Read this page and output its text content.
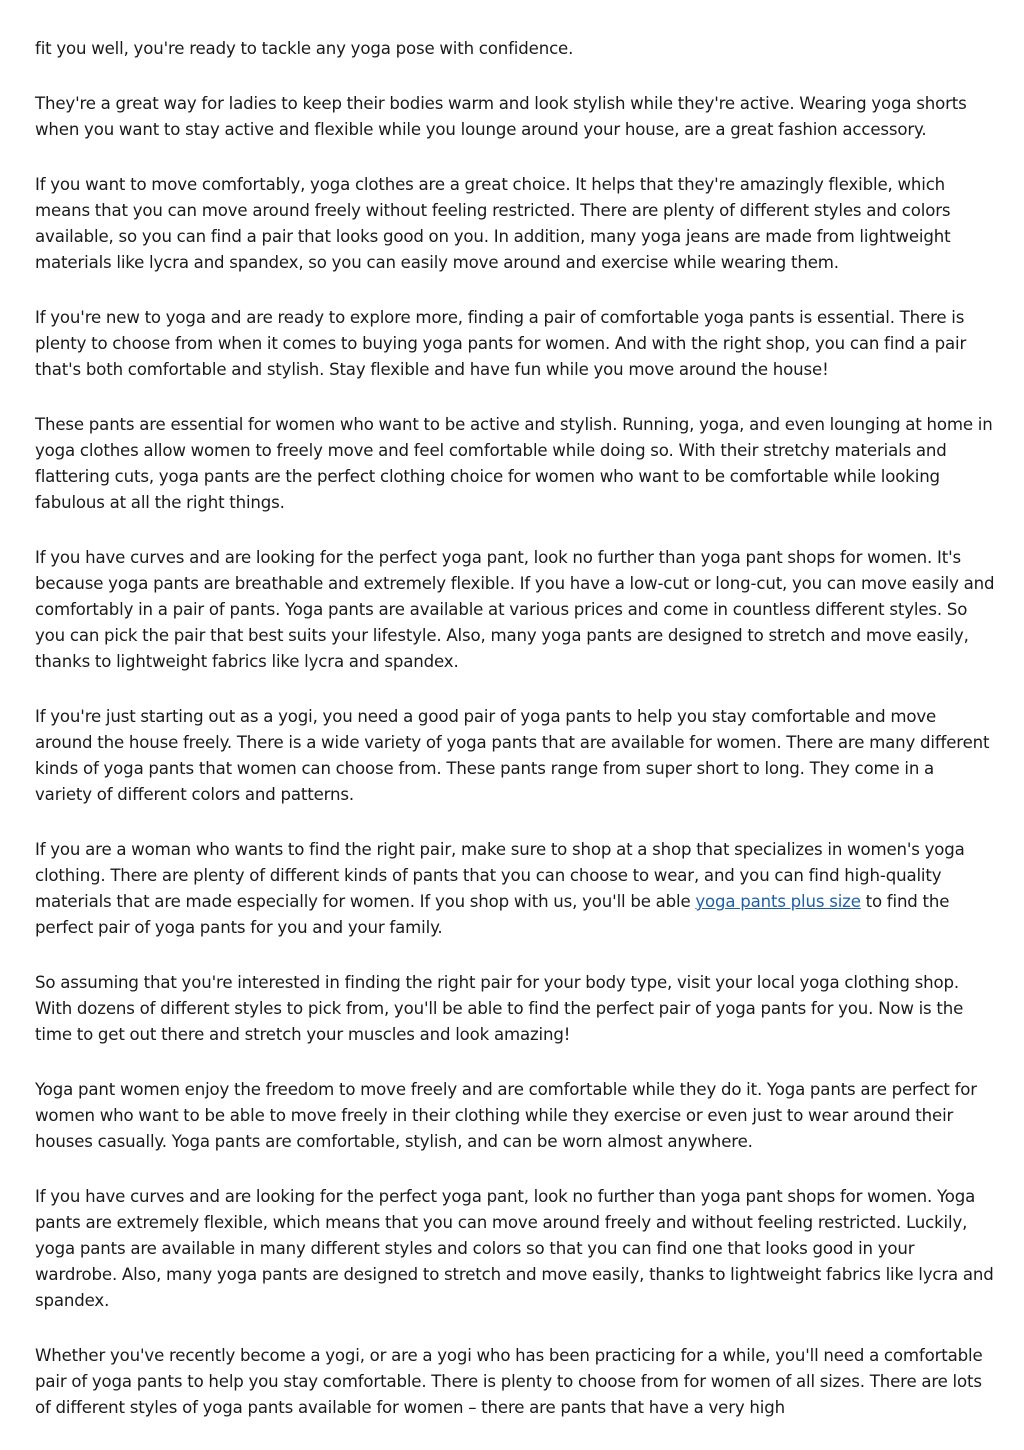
fit you well, you're ready to tackle any yoga pose with confidence.

They're a great way for ladies to keep their bodies warm and look stylish while they're active. Wearing yoga shorts when you want to stay active and flexible while you lounge around your house, are a great fashion accessory.

If you want to move comfortably, yoga clothes are a great choice. It helps that they're amazingly flexible, which means that you can move around freely without feeling restricted. There are plenty of different styles and colors available, so you can find a pair that looks good on you. In addition, many yoga jeans are made from lightweight materials like lycra and spandex, so you can easily move around and exercise while wearing them.

If you're new to yoga and are ready to explore more, finding a pair of comfortable yoga pants is essential. There is plenty to choose from when it comes to buying yoga pants for women. And with the right shop, you can find a pair that's both comfortable and stylish. Stay flexible and have fun while you move around the house!

These pants are essential for women who want to be active and stylish. Running, yoga, and even lounging at home in yoga clothes allow women to freely move and feel comfortable while doing so. With their stretchy materials and flattering cuts, yoga pants are the perfect clothing choice for women who want to be comfortable while looking fabulous at all the right things.

If you have curves and are looking for the perfect yoga pant, look no further than yoga pant shops for women. It's because yoga pants are breathable and extremely flexible. If you have a low-cut or long-cut, you can move easily and comfortably in a pair of pants. Yoga pants are available at various prices and come in countless different styles. So you can pick the pair that best suits your lifestyle. Also, many yoga pants are designed to stretch and move easily, thanks to lightweight fabrics like lycra and spandex.

If you're just starting out as a yogi, you need a good pair of yoga pants to help you stay comfortable and move around the house freely. There is a wide variety of yoga pants that are available for women. There are many different kinds of yoga pants that women can choose from. These pants range from super short to long. They come in a variety of different colors and patterns.

If you are a woman who wants to find the right pair, make sure to shop at a shop that specializes in women's yoga clothing. There are plenty of different kinds of pants that you can choose to wear, and you can find high-quality materials that are made especially for women. If you shop with us, you'll be able yoga pants plus size to find the perfect pair of yoga pants for you and your family.

So assuming that you're interested in finding the right pair for your body type, visit your local yoga clothing shop. With dozens of different styles to pick from, you'll be able to find the perfect pair of yoga pants for you. Now is the time to get out there and stretch your muscles and look amazing!

Yoga pant women enjoy the freedom to move freely and are comfortable while they do it. Yoga pants are perfect for women who want to be able to move freely in their clothing while they exercise or even just to wear around their houses casually. Yoga pants are comfortable, stylish, and can be worn almost anywhere.

If you have curves and are looking for the perfect yoga pant, look no further than yoga pant shops for women. Yoga pants are extremely flexible, which means that you can move around freely and without feeling restricted. Luckily, yoga pants are available in many different styles and colors so that you can find one that looks good in your wardrobe. Also, many yoga pants are designed to stretch and move easily, thanks to lightweight fabrics like lycra and spandex.

Whether you've recently become a yogi, or are a yogi who has been practicing for a while, you'll need a comfortable pair of yoga pants to help you stay comfortable. There is plenty to choose from for women of all sizes. There are lots of different styles of yoga pants available for women – there are pants that have a very high
